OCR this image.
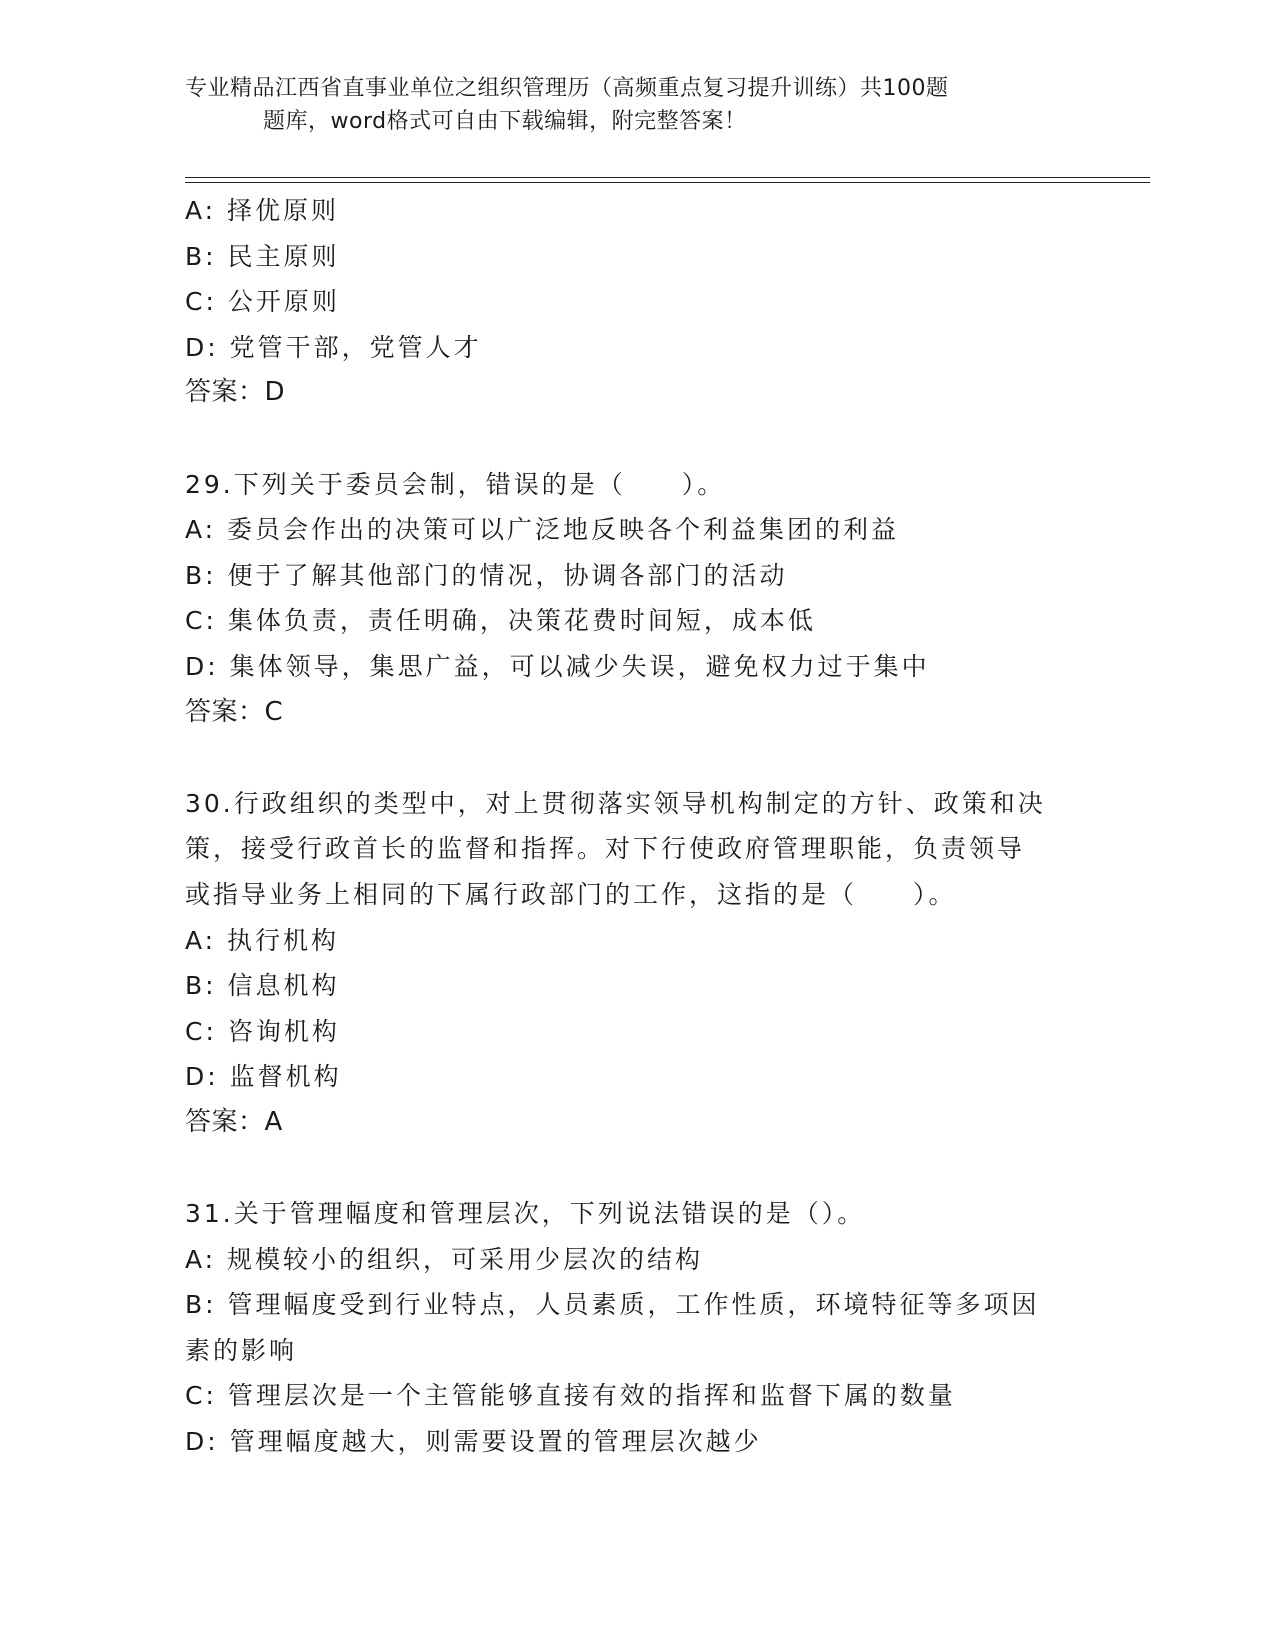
专业精品江西省直事业单位之组织管理历（高频重点复习提升训练）共100题
题库，word格式可自由下载编辑，附完整答案！
A: 择优原则
B: 民主原则
C: 公开原则
D: 党管干部，党管人才
答案：D
29.下列关于委员会制，错误的是（　　）。
A: 委员会作出的决策可以广泛地反映各个利益集团的利益
B: 便于了解其他部门的情况，协调各部门的活动
C: 集体负责，责任明确，决策花费时间短，成本低
D: 集体领导，集思广益，可以减少失误，避免权力过于集中
答案：C
30.行政组织的类型中，对上贯彻落实领导机构制定的方针、政策和决
策，接受行政首长的监督和指挥。对下行使政府管理职能，负责领导
或指导业务上相同的下属行政部门的工作，这指的是（　　）。
A: 执行机构
B: 信息机构
C: 咨询机构
D: 监督机构
答案：A
31.关于管理幅度和管理层次，下列说法错误的是（）。
A: 规模较小的组织，可采用少层次的结构
B: 管理幅度受到行业特点，人员素质，工作性质，环境特征等多项因
素的影响
C: 管理层次是一个主管能够直接有效的指挥和监督下属的数量
D: 管理幅度越大，则需要设置的管理层次越少
